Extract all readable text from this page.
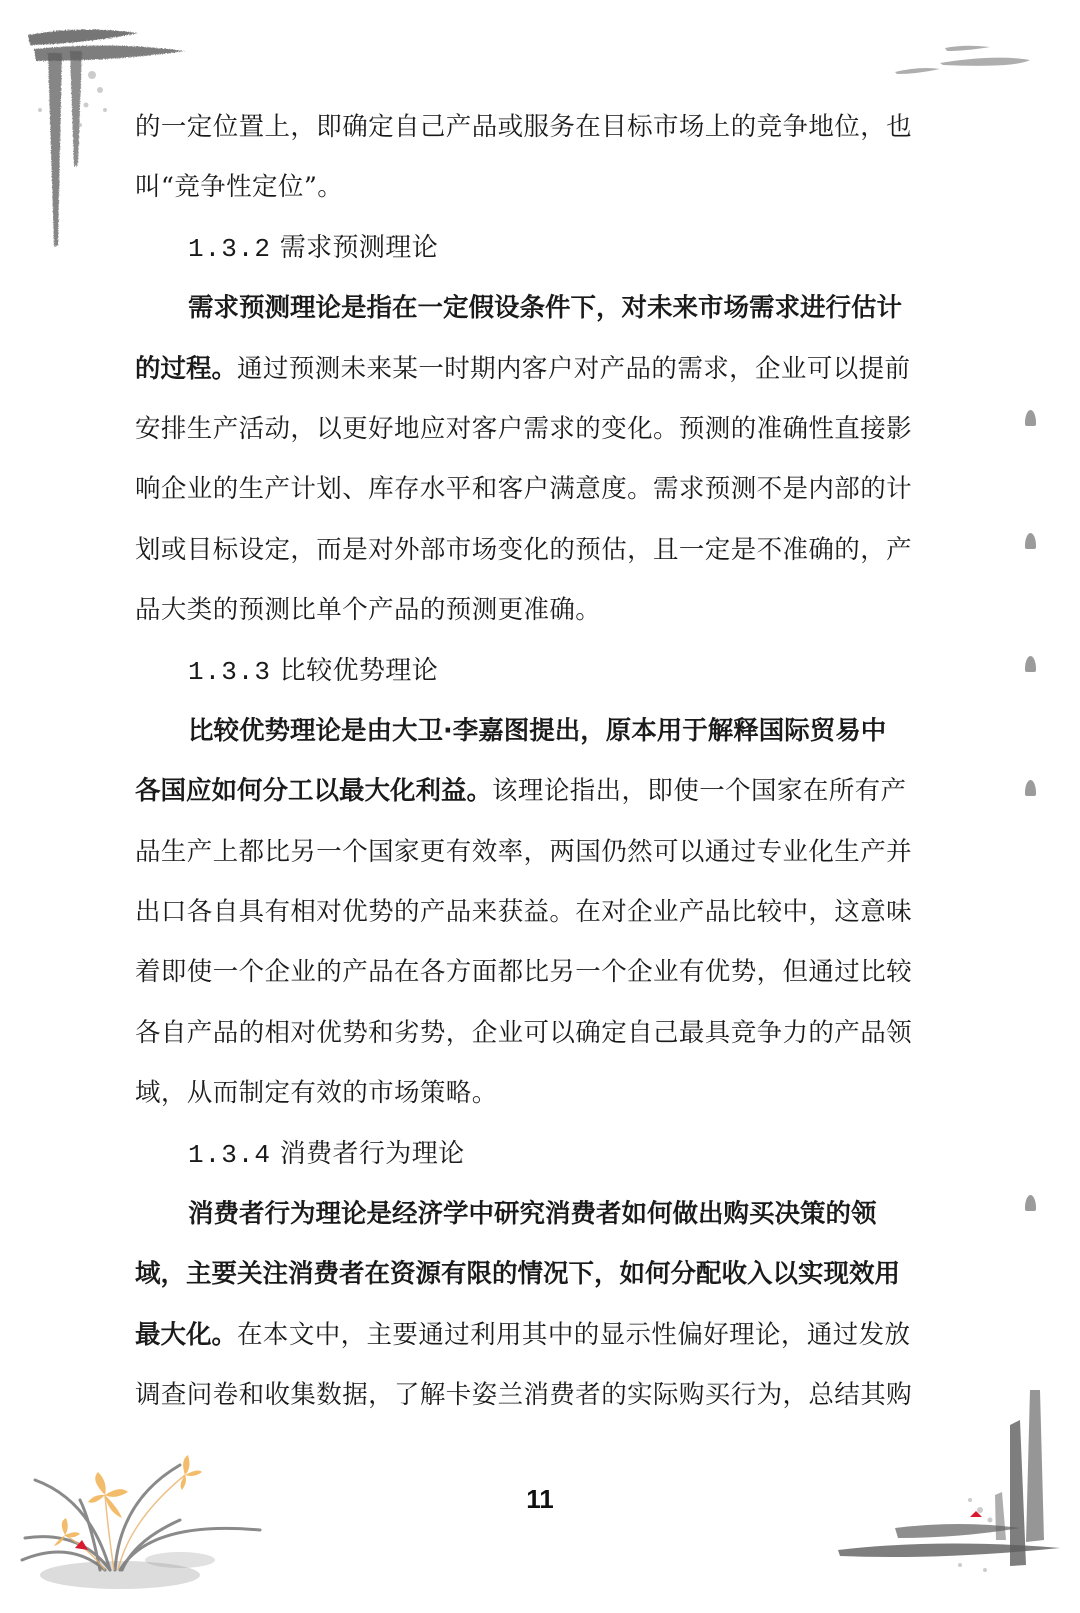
的一定位置上，即确定自己产品或服务在目标市场上的竞争地位，也
叫“竞争性定位”。
1.3.2 需求预测理论
需求预测理论是指在一定假设条件下，对未来市场需求进行估计
的过程。通过预测未来某一时期内客户对产品的需求，企业可以提前
安排生产活动，以更好地应对客户需求的变化。预测的准确性直接影
响企业的生产计划、库存水平和客户满意度。需求预测不是内部的计
划或目标设定，而是对外部市场变化的预估，且一定是不准确的，产
品大类的预测比单个产品的预测更准确。
1.3.3 比较优势理论
比较优势理论是由大卫·李嘉图提出，原本用于解释国际贸易中
各国应如何分工以最大化利益。该理论指出，即使一个国家在所有产
品生产上都比另一个国家更有效率，两国仍然可以通过专业化生产并
出口各自具有相对优势的产品来获益。在对企业产品比较中，这意味
着即使一个企业的产品在各方面都比另一个企业有优势，但通过比较
各自产品的相对优势和劣势，企业可以确定自己最具竞争力的产品领
域，从而制定有效的市场策略。
1.3.4 消费者行为理论
消费者行为理论是经济学中研究消费者如何做出购买决策的领
域，主要关注消费者在资源有限的情况下，如何分配收入以实现效用
最大化。在本文中，主要通过利用其中的显示性偏好理论，通过发放
调查问卷和收集数据，了解卡姿兰消费者的实际购买行为，总结其购
11
